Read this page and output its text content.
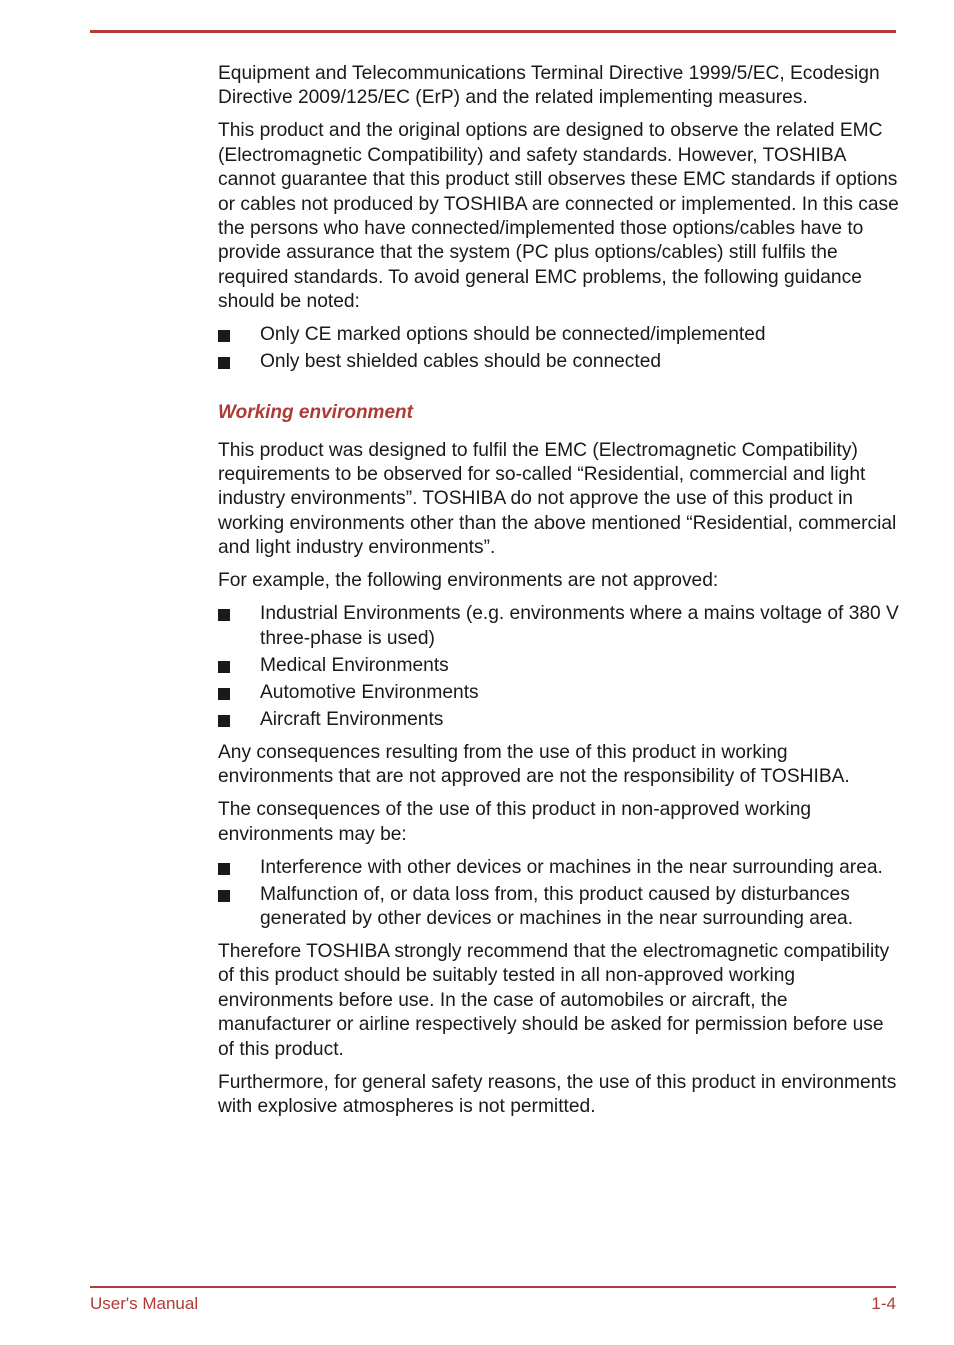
Equipment and Telecommunications Terminal Directive 1999/5/EC, Ecodesign Directive 2009/125/EC (ErP) and the related implementing measures.

This product and the original options are designed to observe the related EMC (Electromagnetic Compatibility) and safety standards. However, TOSHIBA cannot guarantee that this product still observes these EMC standards if options or cables not produced by TOSHIBA are connected or implemented. In this case the persons who have connected/implemented those options/cables have to provide assurance that the system (PC plus options/cables) still fulfils the required standards. To avoid general EMC problems, the following guidance should be noted:

Only CE marked options should be connected/implemented
Only best shielded cables should be connected
Working environment

This product was designed to fulfil the EMC (Electromagnetic Compatibility) requirements to be observed for so-called “Residential, commercial and light industry environments”. TOSHIBA do not approve the use of this product in working environments other than the above mentioned “Residential, commercial and light industry environments”.

For example, the following environments are not approved:

Industrial Environments (e.g. environments where a mains voltage of 380 V three-phase is used)
Medical Environments
Automotive Environments
Aircraft Environments

Any consequences resulting from the use of this product in working environments that are not approved are not the responsibility of TOSHIBA.

The consequences of the use of this product in non-approved working environments may be:

Interference with other devices or machines in the near surrounding area.
Malfunction of, or data loss from, this product caused by disturbances generated by other devices or machines in the near surrounding area.

Therefore TOSHIBA strongly recommend that the electromagnetic compatibility of this product should be suitably tested in all non-approved working environments before use. In the case of automobiles or aircraft, the manufacturer or airline respectively should be asked for permission before use of this product.

Furthermore, for general safety reasons, the use of this product in environments with explosive atmospheres is not permitted.

User's Manual	1-4
